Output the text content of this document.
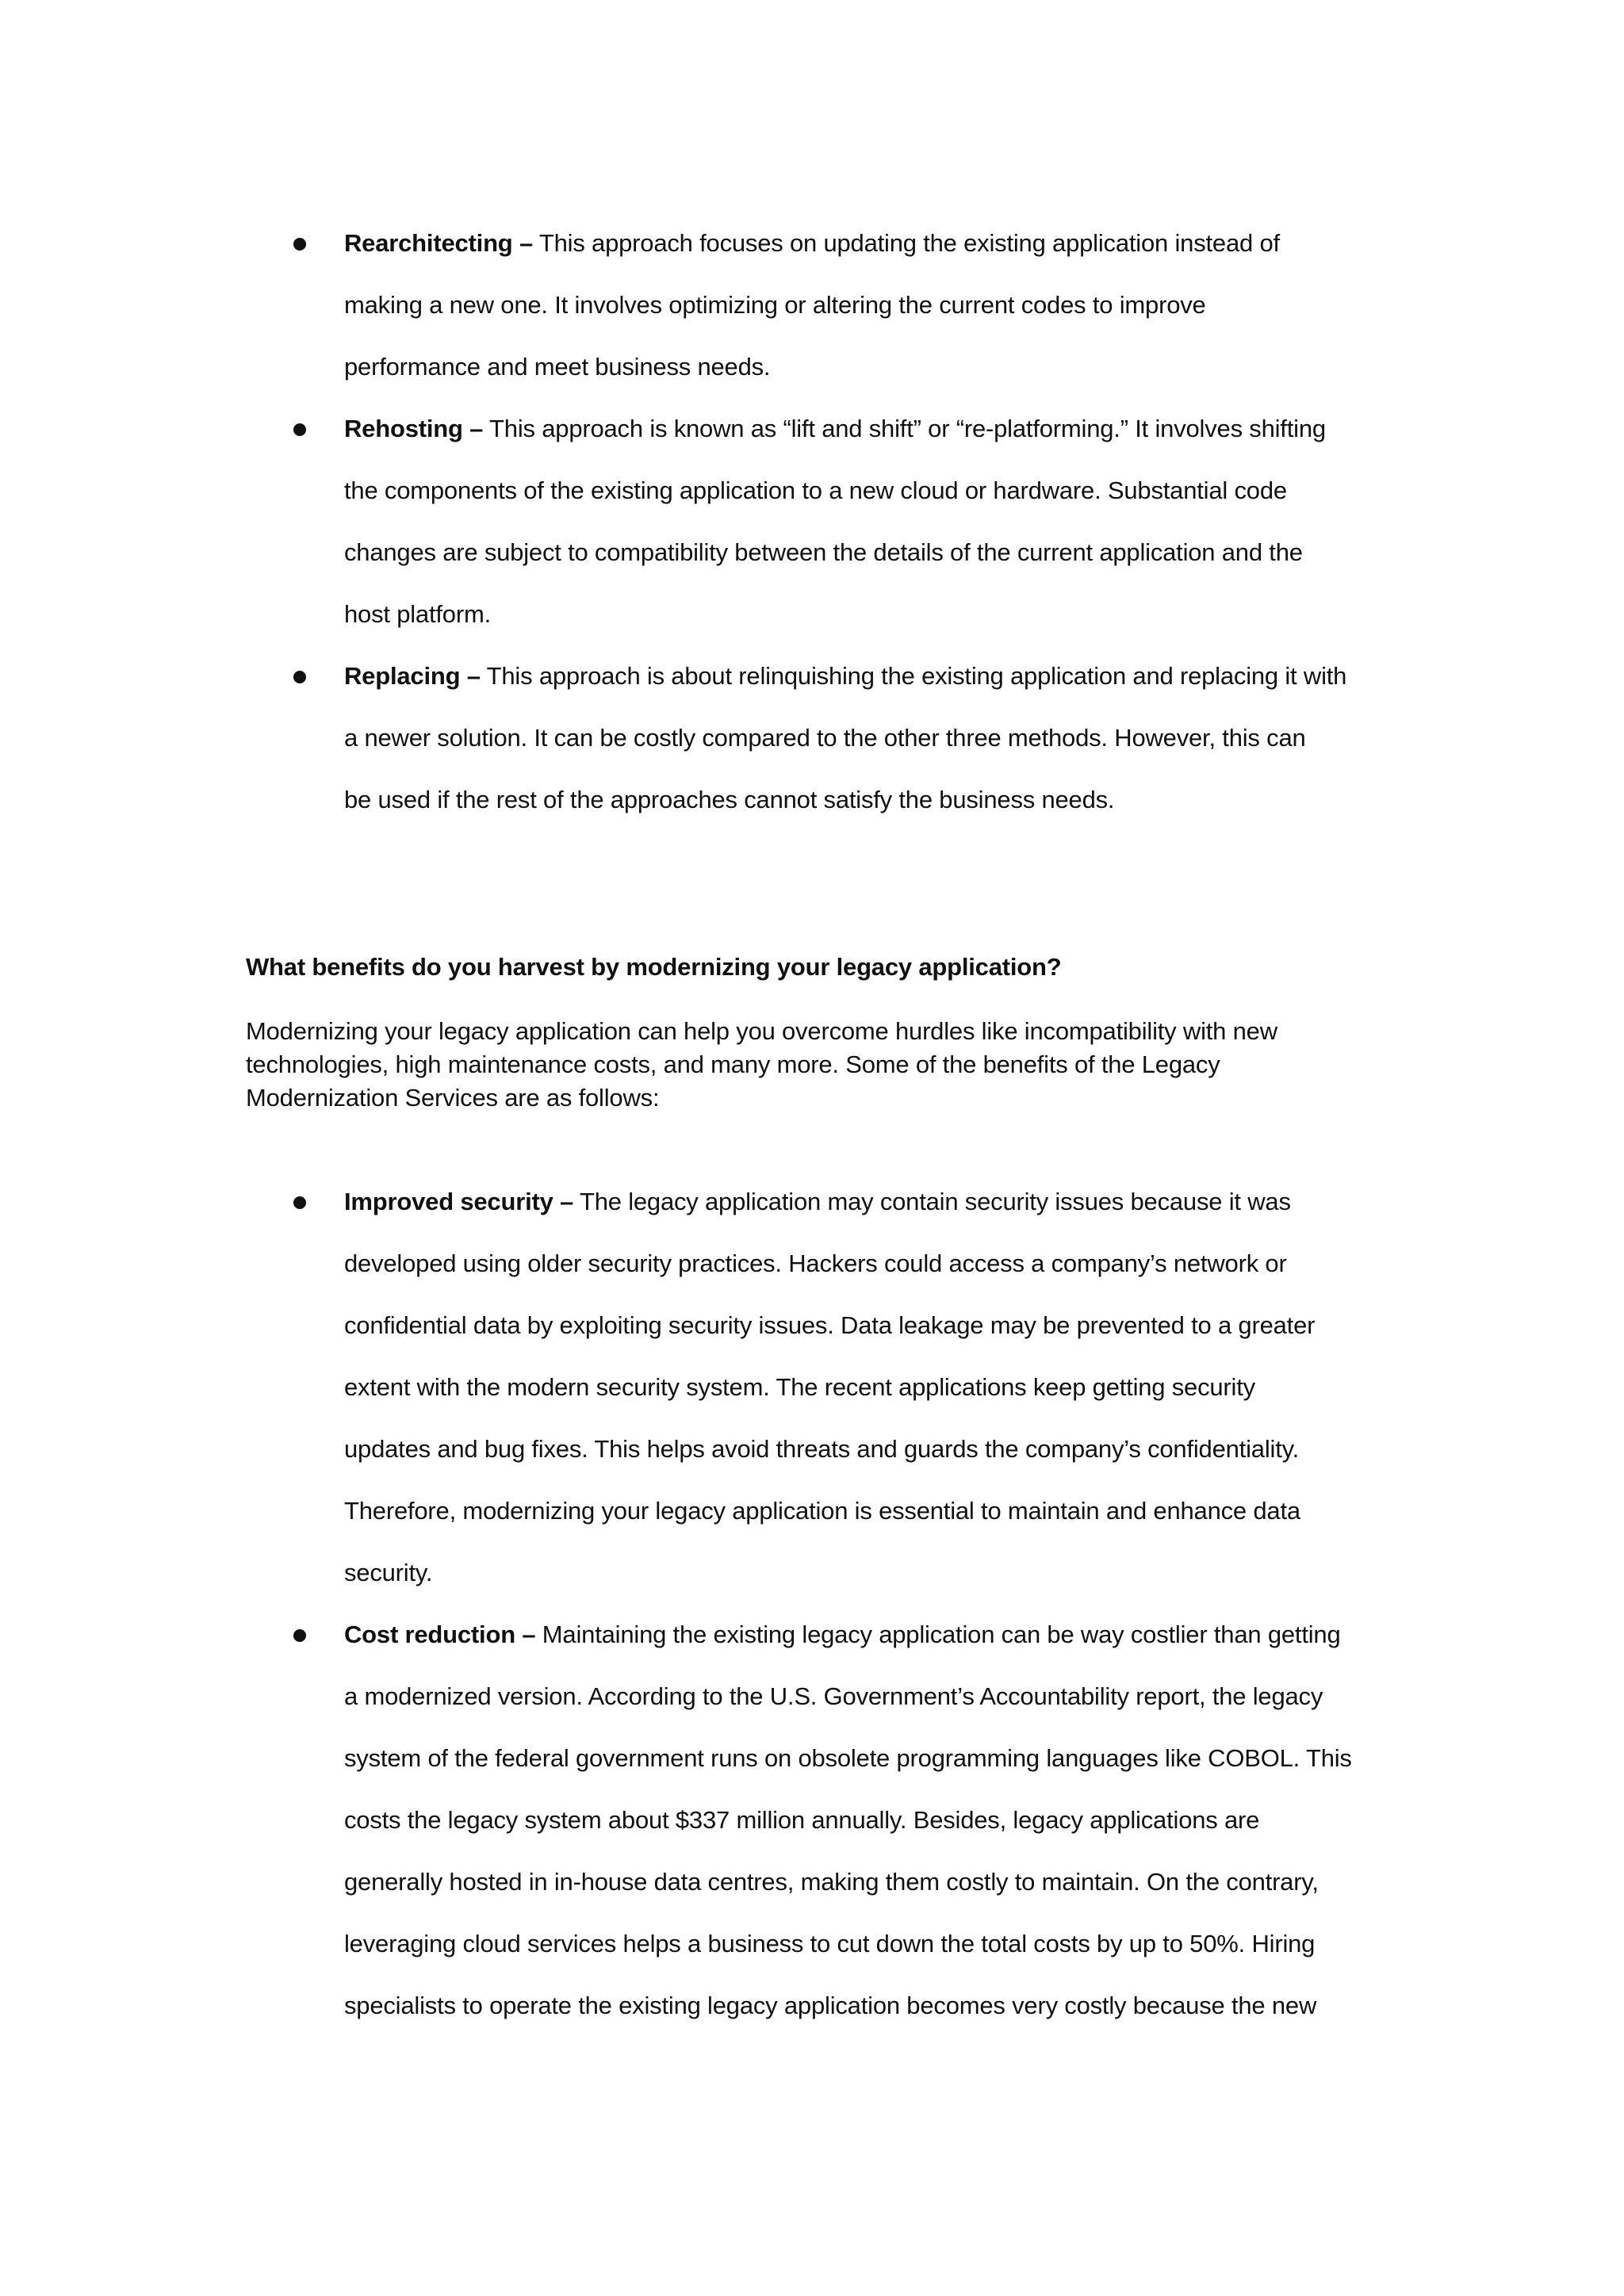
Rearchitecting – This approach focuses on updating the existing application instead of
making a new one. It involves optimizing or altering the current codes to improve
performance and meet business needs.
Rehosting – This approach is known as “lift and shift” or “re-platforming.” It involves shifting
the components of the existing application to a new cloud or hardware. Substantial code
changes are subject to compatibility between the details of the current application and the
host platform.
Replacing – This approach is about relinquishing the existing application and replacing it with
a newer solution. It can be costly compared to the other three methods. However, this can
be used if the rest of the approaches cannot satisfy the business needs.
What benefits do you harvest by modernizing your legacy application?
Modernizing your legacy application can help you overcome hurdles like incompatibility with new
technologies, high maintenance costs, and many more. Some of the benefits of the Legacy
Modernization Services are as follows:
Improved security – The legacy application may contain security issues because it was
developed using older security practices. Hackers could access a company’s network or
confidential data by exploiting security issues. Data leakage may be prevented to a greater
extent with the modern security system. The recent applications keep getting security
updates and bug fixes. This helps avoid threats and guards the company’s confidentiality.
Therefore, modernizing your legacy application is essential to maintain and enhance data
security.
Cost reduction – Maintaining the existing legacy application can be way costlier than getting
a modernized version. According to the U.S. Government’s Accountability report, the legacy
system of the federal government runs on obsolete programming languages like COBOL. This
costs the legacy system about $337 million annually. Besides, legacy applications are
generally hosted in in-house data centres, making them costly to maintain. On the contrary,
leveraging cloud services helps a business to cut down the total costs by up to 50%. Hiring
specialists to operate the existing legacy application becomes very costly because the new
